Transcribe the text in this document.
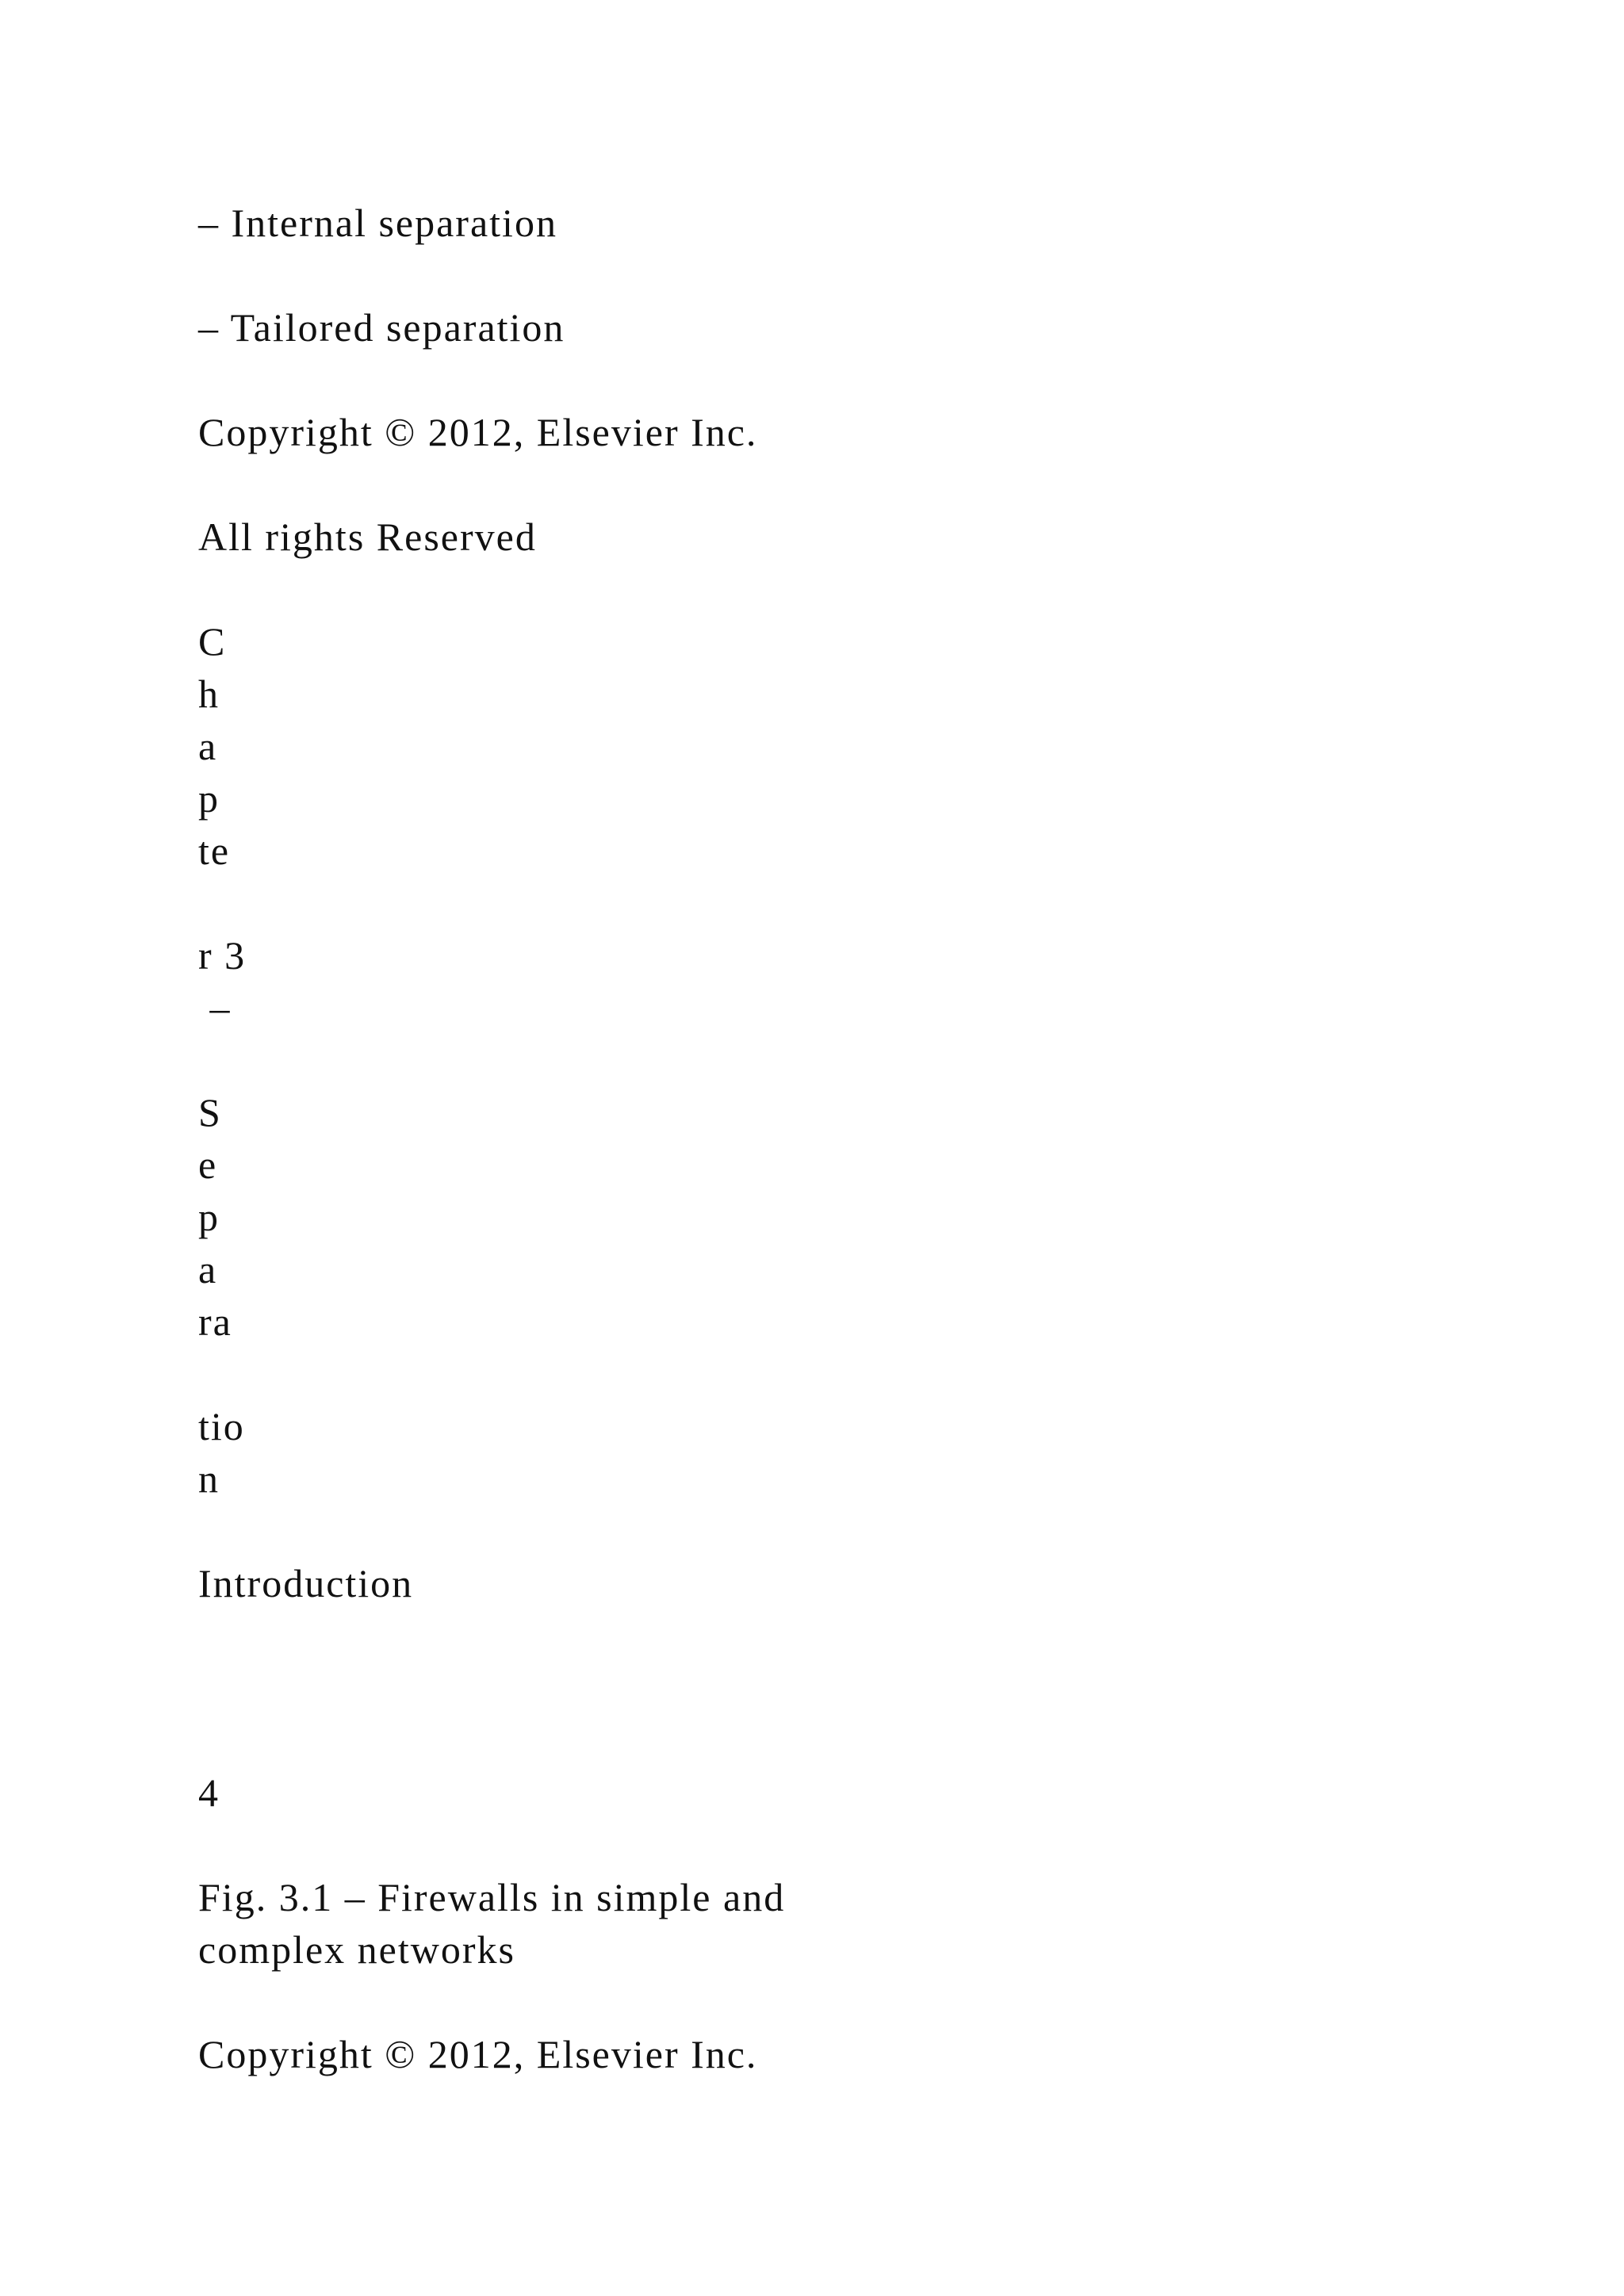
– Internal separation

– Tailored separation

Copyright © 2012, Elsevier Inc.

All rights Reserved

C

h

a

p

te

r 3

–

S

e

p

a

ra

tio

n

Introduction

4

Fig. 3.1 – Firewalls in simple and

complex networks

Copyright © 2012, Elsevier Inc.
